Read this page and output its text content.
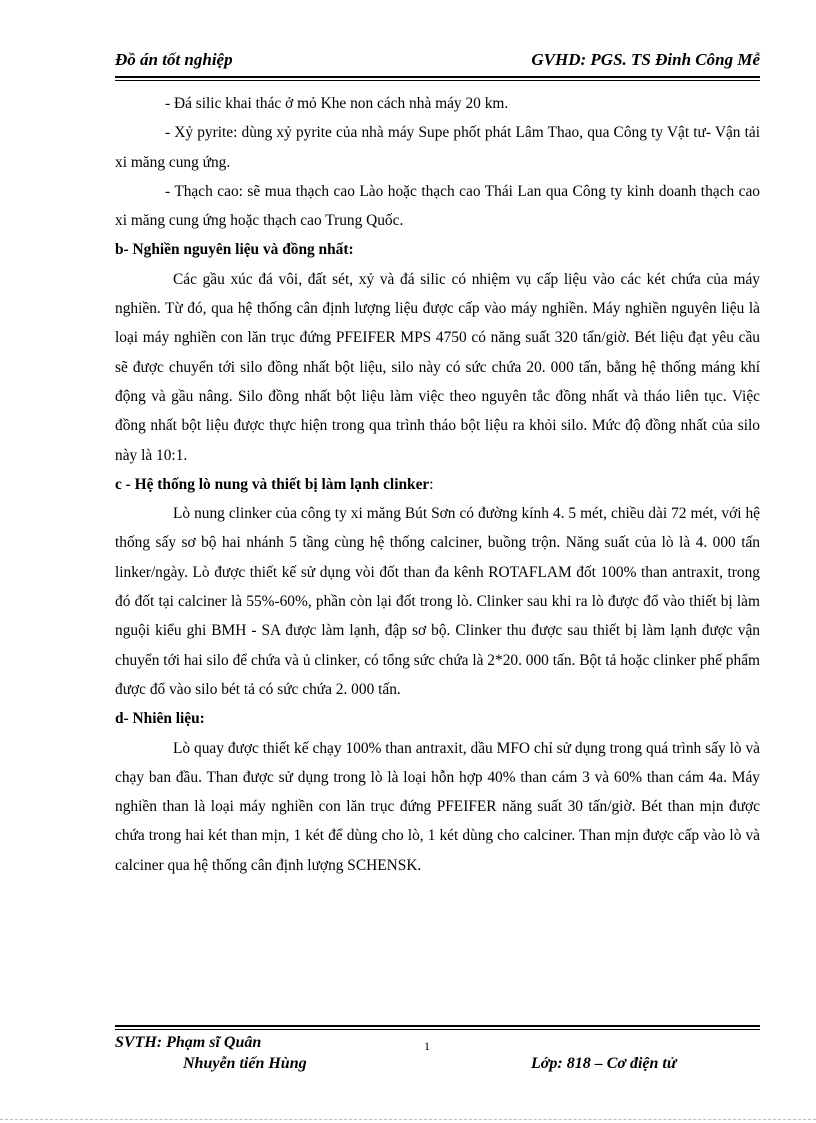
Đồ án tốt nghiệp	GVHD: PGS. TS Đinh Công Mễ

- Đá silic khai thác ở mỏ Khe non cách nhà máy 20 km.

- Xỷ pyrite: dùng xỷ pyrite của nhà máy Supe phốt phát Lâm Thao, qua Công ty Vật tư- Vận tải xi măng cung ứng.

- Thạch cao: sẽ mua thạch cao Lào hoặc thạch cao Thái Lan qua Công ty kinh doanh thạch cao xi măng cung ứng hoặc thạch cao Trung Quốc.

b- Nghiền nguyên liệu và đồng nhất:

Các gầu xúc đá vôi, đất sét, xỷ và đá silic có nhiệm vụ cấp liệu vào các két chứa của máy nghiền. Từ đó, qua hệ thống cân định lượng liệu được cấp vào máy nghiền. Máy nghiền nguyên liệu là loại máy nghiền con lăn trục đứng PFEIFER MPS 4750 có năng suất 320 tấn/giờ. Bét liệu đạt yêu cầu sẽ được chuyển tới silo đồng nhất bột liệu, silo này có sức chứa 20. 000 tấn, bằng hệ thống máng khí động và gầu nâng. Silo đồng nhất bột liệu làm việc theo nguyên tắc đồng nhất và tháo liên tục. Việc đồng nhất bột liệu được thực hiện trong qua trình tháo bột liệu ra khỏi silo. Mức độ đồng nhất của silo này là 10:1.

c - Hệ thống lò nung và thiết bị làm lạnh clinker:

Lò nung clinker của công ty xi măng Bút Sơn có đường kính 4. 5 mét, chiều dài 72 mét, với hệ thống sấy sơ bộ hai nhánh 5 tầng cùng hệ thống calciner, buồng trộn. Năng suất của lò là 4. 000 tấn linker/ngày. Lò được thiết kế sử dụng vòi đốt than đa kênh ROTAFLAM đốt 100% than antraxit, trong đó đốt tại calciner là 55%-60%, phần còn lại đốt trong lò. Clinker sau khi ra lò được đổ vào thiết bị làm nguội kiểu ghi BMH - SA được làm lạnh, đập sơ bộ. Clinker thu được sau thiết bị làm lạnh được vận chuyển tới hai silo để chứa và ủ clinker, có tổng sức chứa là 2*20. 000 tấn. Bột tả hoặc clinker phế phẩm được đổ vào silo bét tả có sức chứa 2. 000 tấn.

d- Nhiên liệu:

Lò quay được thiết kế chạy 100% than antraxit, dầu MFO chỉ sử dụng trong quá trình sấy lò và chạy ban đầu. Than được sử dụng trong lò là loại hỗn hợp 40% than cám 3 và 60% than cám 4a. Máy nghiền than là loại máy nghiền con lăn trục đứng PFEIFER năng suất 30 tấn/giờ. Bét than mịn được chứa trong hai két than mịn, 1 két để dùng cho lò, 1 két dùng cho calciner. Than mịn được cấp vào lò và calciner qua hệ thống cân định lượng SCHENSK.

SVTH: Phạm sĩ Quân	1
Nhuyễn tiến Hùng	Lớp: 818 – Cơ điện tử
